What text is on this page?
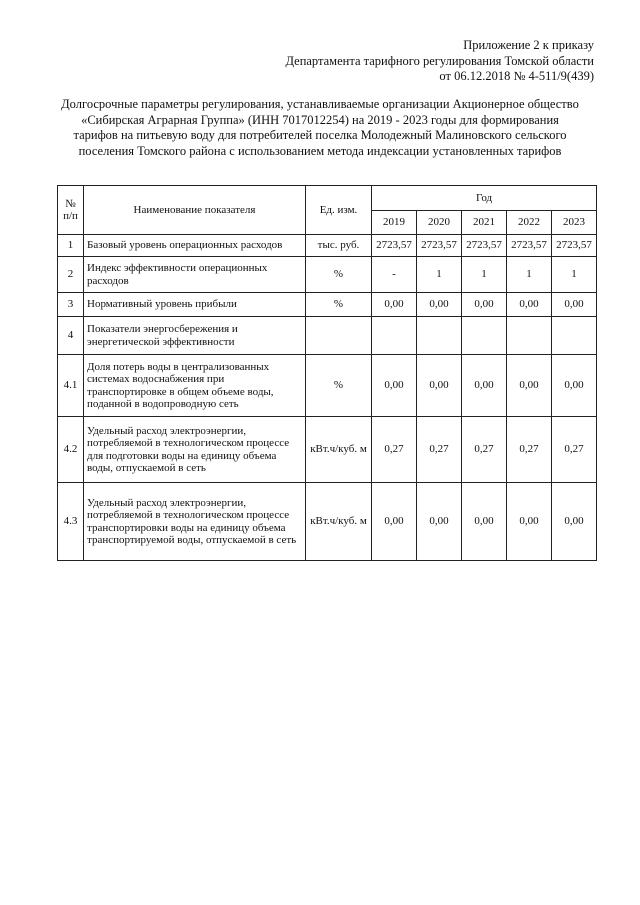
Приложение 2 к приказу
Департамента тарифного регулирования Томской области
от 06.12.2018 № 4-511/9(439)
Долгосрочные параметры регулирования, устанавливаемые организации Акционерное общество «Сибирская Аграрная Группа» (ИНН 7017012254) на 2019 - 2023 годы для формирования тарифов на питьевую воду для потребителей поселка Молодежный Малиновского сельского поселения Томского района с использованием метода индексации установленных тарифов
№ п/п	Наименование показателя	Ед. изм.	Год				
			2019	2020	2021	2022	2023
1	Базовый уровень операционных расходов	тыс. руб.	2723,57	2723,57	2723,57	2723,57	2723,57
2	Индекс эффективности операционных расходов	%	-	1	1	1	1
3	Нормативный уровень прибыли	%	0,00	0,00	0,00	0,00	0,00
4	Показатели энергосбережения и энергетической эффективности						
4.1	Доля потерь воды в централизованных системах водоснабжения при транспортировке в общем объеме воды, поданной в водопроводную сеть	%	0,00	0,00	0,00	0,00	0,00
4.2	Удельный расход электроэнергии, потребляемой в технологическом процессе для подготовки воды на единицу объема воды, отпускаемой в сеть	кВт.ч/куб. м	0,27	0,27	0,27	0,27	0,27
4.3	Удельный расход электроэнергии, потребляемой в технологическом процессе транспортировки воды на единицу объема транспортируемой воды, отпускаемой в сеть	кВт.ч/куб. м	0,00	0,00	0,00	0,00	0,00
